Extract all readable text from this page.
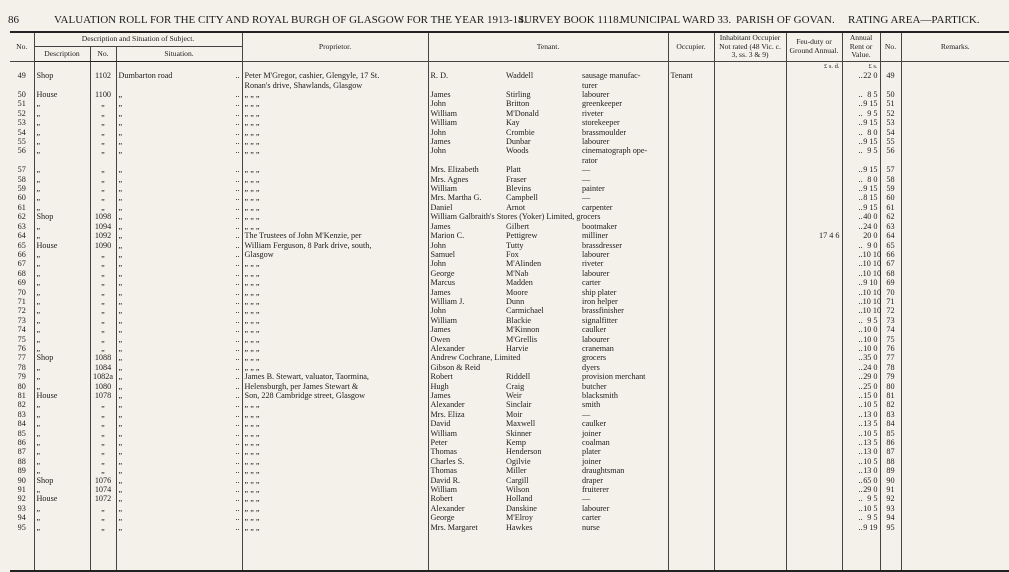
86	VALUATION ROLL FOR THE CITY AND ROYAL BURGH OF GLASGOW FOR THE YEAR 1913-14.
SURVEY BOOK 1118.
MUNICIPAL WARD 33. PARISH OF GOVAN. RATING AREA—PARTICK.
No.	Description and Situation of Subject.			Proprietor.	Tenant.			Occupier.	Inhabitant Occupier Not rated (48 Vic. c. 3, ss. 3 & 9)	Feu-duty or Ground Annual.	Annual Rent or Value.	No.	Remarks.
	Description	No.	Situation.										
										£ s. d.	£ s.		
49	Shop	1102	Dumbarton road ..	Peter M'Gregor, cashier, Glengyle, 17 St.	R. D.	Waddell	sausage manufac-	Tenant			.. 22 0	49	

	Ronan's drive, Shawlands, Glasgow			turer				

50	House	1100	„ ..	„ „ „	James	Stirling	labourer				.. 8 5	50	
51	„	„	„ ..	„ „ „	John	Britton	greenkeeper				.. 9 15	51	
52	„	„	„ ..	„ „ „	William	M'Donald	riveter				.. 9 5	52	
53	„	„	„ ..	„ „ „	William	Kay	storekeeper				.. 9 15	53	
54	„	„	„ ..	„ „ „	John	Crombie	brassmoulder				.. 8 0	54	
55	„	„	„ ..	„ „ „	James	Dunbar	labourer				.. 9 15	55	
56	„	„	„ ..	„ „ „	John	Woods	cinematograph ope-				.. 9 5	56	

				rator				

57	„	„	„ ..	„ „ „	Mrs. Elizabeth	Platt	—				.. 9 15	57	
58	„	„	„ ..	„ „ „	Mrs. Agnes	Fraser	—				.. 8 0	58	
59	„	„	„ ..	„ „ „	William	Blevins	painter				.. 9 15	59	
60	„	„	„ ..	„ „ „	Mrs. Martha G.	Campbell	—				.. 8 15	60	
61	„	„	„ ..	„ „ „	Daniel	Arnot	carpenter				.. 9 15	61	
62	Shop	1098	„ ..	„ „ „	William Galbraith's Stores (Yoker) Limited, grocers						.. 40 0	62	
63	„	1094	„ ..	„ „ „	James	Gilbert	bootmaker				.. 24 0	63	
64	„	1092	„ ..	The Trustees of John M'Kenzie, per	Marion C.	Pettigrew	milliner			17 4 6	20 0	64	
65	House	1090	„ ..	William Ferguson, 8 Park drive, south,	John	Tutty	brassdresser				.. 9 0	65	
66	„	„	„ ..	Glasgow	Samuel	Fox	labourer				.. 10 10	66	
67	„	„	„ ..	„ „ „	John	M'Alinden	riveter				.. 10 10	67	
68	„	„	„ ..	„ „ „	George	M'Nab	labourer				.. 10 10	68	
69	„	„	„ ..	„ „ „	Marcus	Madden	carter				.. 9 10	69	
70	„	„	„ ..	„ „ „	James	Moore	ship plater				.. 10 10	70	
71	„	„	„ ..	„ „ „	William J.	Dunn	iron helper				.. 10 10	71	
72	„	„	„ ..	„ „ „	John	Carmichael	brassfinisher				.. 10 10	72	
73	„	„	„ ..	„ „ „	William	Blackie	signalfitter				.. 9 5	73	
74	„	„	„ ..	„ „ „	James	M'Kinnon	caulker				.. 10 0	74	
75	„	„	„ ..	„ „ „	Owen	M'Grellis	labourer				.. 10 0	75	
76	„	„	„ ..	„ „ „	Alexander	Harvie	craneman				.. 10 0	76	
77	Shop	1088	„ ..	„ „ „	Andrew Cochrane, Limited		grocers				.. 35 0	77	
78	„	1084	„ ..	„ „ „	Gibson & Reid		dyers				.. 24 0	78	
79	„	1082a	„ ..	James B. Stewart, valuator, Taormina,	Robert	Riddell	provision merchant				.. 29 0	79	
80	„	1080	„ ..	Helensburgh, per James Stewart &	Hugh	Craig	butcher				.. 25 0	80	
81	House	1078	„ ..	Son, 228 Cambridge street, Glasgow	James	Weir	blacksmith				.. 15 0	81	
82	„	„	„ ..	„ „ „	Alexander	Sinclair	smith				.. 10 5	82	
83	„	„	„ ..	„ „ „	Mrs. Eliza	Moir	—				.. 13 0	83	
84	„	„	„ ..	„ „ „	David	Maxwell	caulker				.. 13 5	84	
85	„	„	„ ..	„ „ „	William	Skinner	joiner				.. 10 5	85	
86	„	„	„ ..	„ „ „	Peter	Kemp	coalman				.. 13 5	86	
87	„	„	„ ..	„ „ „	Thomas	Henderson	plater				.. 13 0	87	
88	„	„	„ ..	„ „ „	Charles S.	Ogilvie	joiner				.. 10 5	88	
89	„	„	„ ..	„ „ „	Thomas	Miller	draughtsman				.. 13 0	89	
90	Shop	1076	„ ..	„ „ „	David R.	Cargill	draper				.. 65 0	90	
91	„	1074	„ ..	„ „ „	William	Wilson	fruiterer				.. 29 0	91	
92	House	1072	„ ..	„ „ „	Robert	Holland	—				.. 9 5	92	
93	„	„	„ ..	„ „ „	Alexander	Danskine	labourer				.. 10 5	93	
94	„	„	„ ..	„ „ „	George	M'Elroy	carter				.. 9 5	94	
95	„	„	„ ..	„ „ „	Mrs. Margaret	Hawkes	nurse				.. 9 19	95	
